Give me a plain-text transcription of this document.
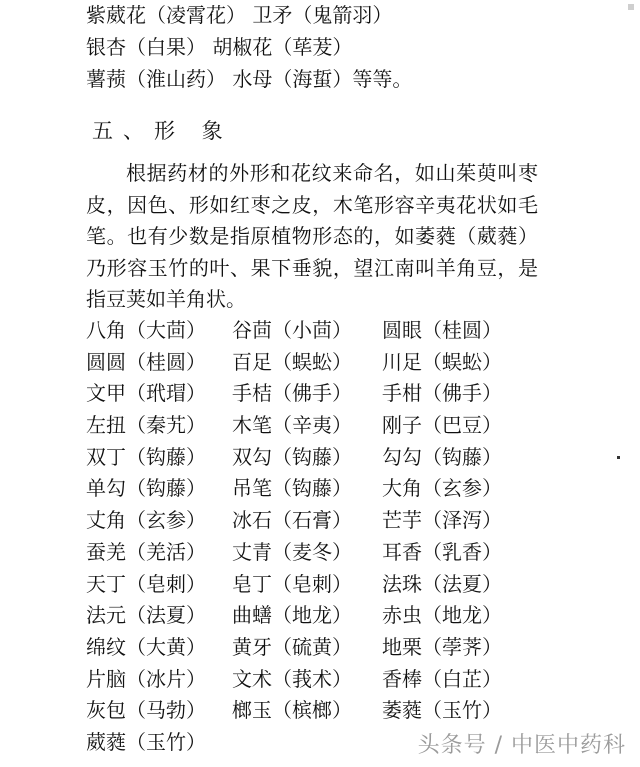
紫葳花（凌霄花） 卫矛（鬼箭羽）
银杏（白果） 胡椒花（荜茇）
薯蓣（淮山药） 水母（海蜇）等等。
五、形 象
根据药材的外形和花纹来命名，如山茱萸叫枣皮，因色、形如红枣之皮，木笔形容辛夷花状如毛笔。也有少数是指原植物形态的，如萎蕤（葳蕤）乃形容玉竹的叶、果下垂貌，望江南叫羊角豆，是指豆荚如羊角状。
八角（大茴）	谷茴（小茴）	圆眼（桂圆）
圆圆（桂圆）	百足（蜈蚣）	川足（蜈蚣）
文甲（玳瑁）	手桔（佛手）	手柑（佛手）
左扭（秦艽）	木笔（辛夷）	刚子（巴豆）
双丁（钩藤）	双勾（钩藤）	勾勾（钩藤）
单勾（钩藤）	吊笔（钩藤）	大角（玄参）
丈角（玄参）	冰石（石膏）	芒芋（泽泻）
蚕羌（羌活）	丈青（麦冬）	耳香（乳香）
天丁（皂刺）	皂丁（皂刺）	法珠（法夏）
法元（法夏）	曲蟮（地龙）	赤虫（地龙）
绵纹（大黄）	黄牙（硫黄）	地栗（荸荠）
片脑（冰片）	文术（莪术）	香棒（白芷）
灰包（马勃）	榔玉（槟榔）	萎蕤（玉竹）
葳蕤（玉竹）	头条号 / 中医中药科
